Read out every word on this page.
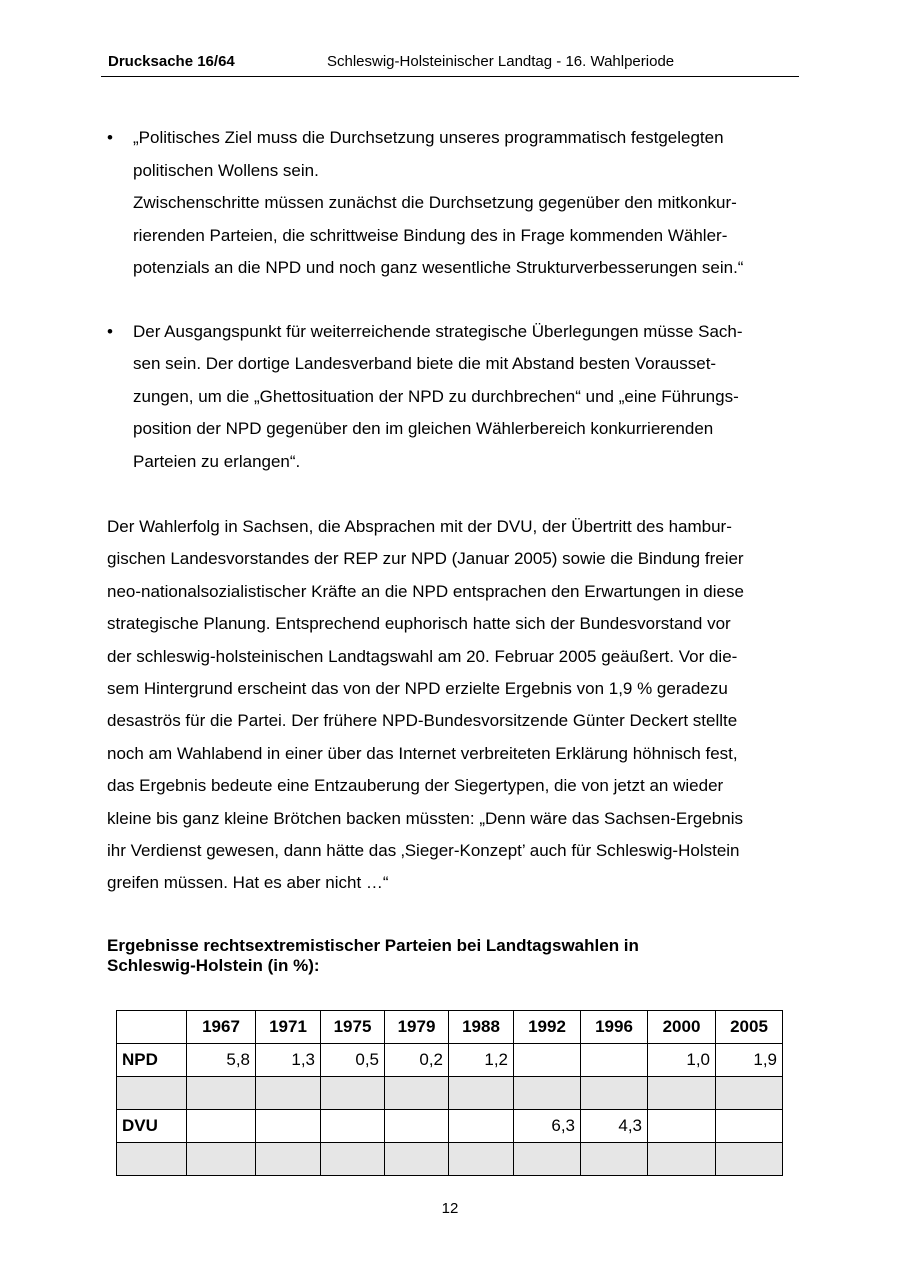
Drucksache 16/64	Schleswig-Holsteinischer Landtag - 16. Wahlperiode
• „Politisches Ziel muss die Durchsetzung unseres programmatisch festgelegten
politischen Wollens sein.
Zwischenschritte müssen zunächst die Durchsetzung gegenüber den mitkonkur-
rierenden Parteien, die schrittweise Bindung des in Frage kommenden Wähler-
potenzials an die NPD und noch ganz wesentliche Strukturverbesserungen sein.“
• Der Ausgangspunkt für weiterreichende strategische Überlegungen müsse Sach-
sen sein. Der dortige Landesverband biete die mit Abstand besten Vorausset-
zungen, um die „Ghettosituation der NPD zu durchbrechen“ und „eine Führungs-
position der NPD gegenüber den im gleichen Wählerbereich konkurrierenden
Parteien zu erlangen“.
Der Wahlerfolg in Sachsen, die Absprachen mit der DVU, der Übertritt des hambur-
gischen Landesvorstandes der REP zur NPD (Januar 2005) sowie die Bindung freier
neo-nationalsozialistischer Kräfte an die NPD entsprachen den Erwartungen in diese
strategische Planung. Entsprechend euphorisch hatte sich der Bundesvorstand vor
der schleswig-holsteinischen Landtagswahl am 20. Februar 2005 geäußert. Vor die-
sem Hintergrund erscheint das von der NPD erzielte Ergebnis von 1,9 % geradezu
desaströs für die Partei. Der frühere NPD-Bundesvorsitzende Günter Deckert stellte
noch am Wahlabend in einer über das Internet verbreiteten Erklärung höhnisch fest,
das Ergebnis bedeute eine Entzauberung der Siegertypen, die von jetzt an wieder
kleine bis ganz kleine Brötchen backen müssten: „Denn wäre das Sachsen-Ergebnis
ihr Verdienst gewesen, dann hätte das ‚Sieger-Konzept’ auch für Schleswig-Holstein
greifen müssen. Hat es aber nicht …“
Ergebnisse rechtsextremistischer Parteien bei Landtagswahlen in
Schleswig-Holstein (in %):
	1967	1971	1975	1979	1988	1992	1996	2000	2005
NPD	5,8	1,3	0,5	0,2	1,2			1,0	1,9

DVU						6,3	4,3		

12
